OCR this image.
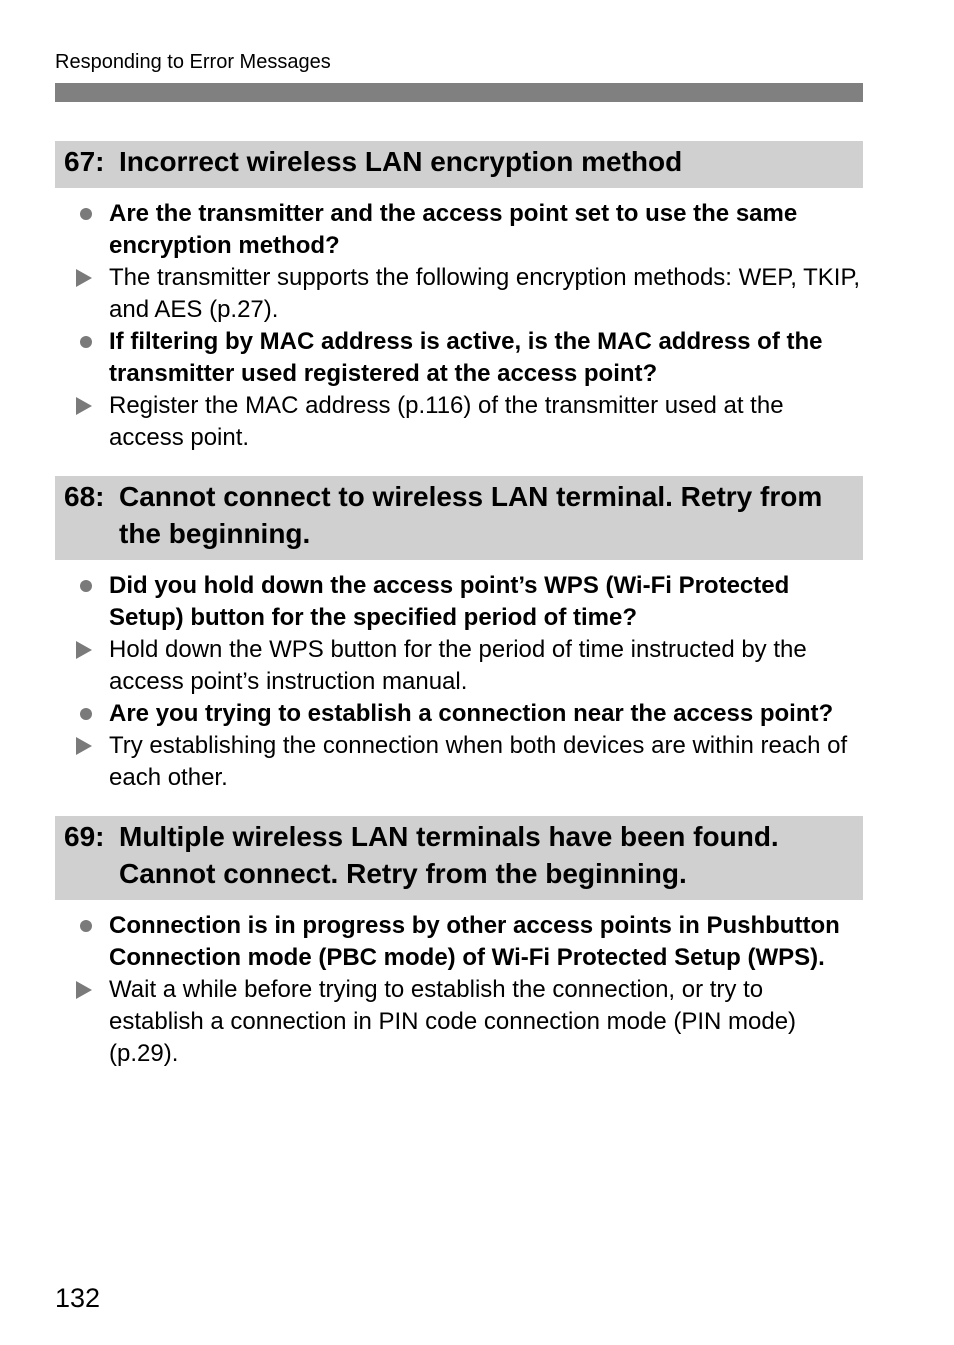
Responding to Error Messages
67: Incorrect wireless LAN encryption method
Are the transmitter and the access point set to use the same encryption method?
The transmitter supports the following encryption methods: WEP, TKIP, and AES (p.27).
If filtering by MAC address is active, is the MAC address of the transmitter used registered at the access point?
Register the MAC address (p.116) of the transmitter used at the access point.
68: Cannot connect to wireless LAN terminal. Retry from the beginning.
Did you hold down the access point’s WPS (Wi-Fi Protected Setup) button for the specified period of time?
Hold down the WPS button for the period of time instructed by the access point’s instruction manual.
Are you trying to establish a connection near the access point?
Try establishing the connection when both devices are within reach of each other.
69: Multiple wireless LAN terminals have been found. Cannot connect. Retry from the beginning.
Connection is in progress by other access points in Pushbutton Connection mode (PBC mode) of Wi-Fi Protected Setup (WPS).
Wait a while before trying to establish the connection, or try to establish a connection in PIN code connection mode (PIN mode) (p.29).
132
